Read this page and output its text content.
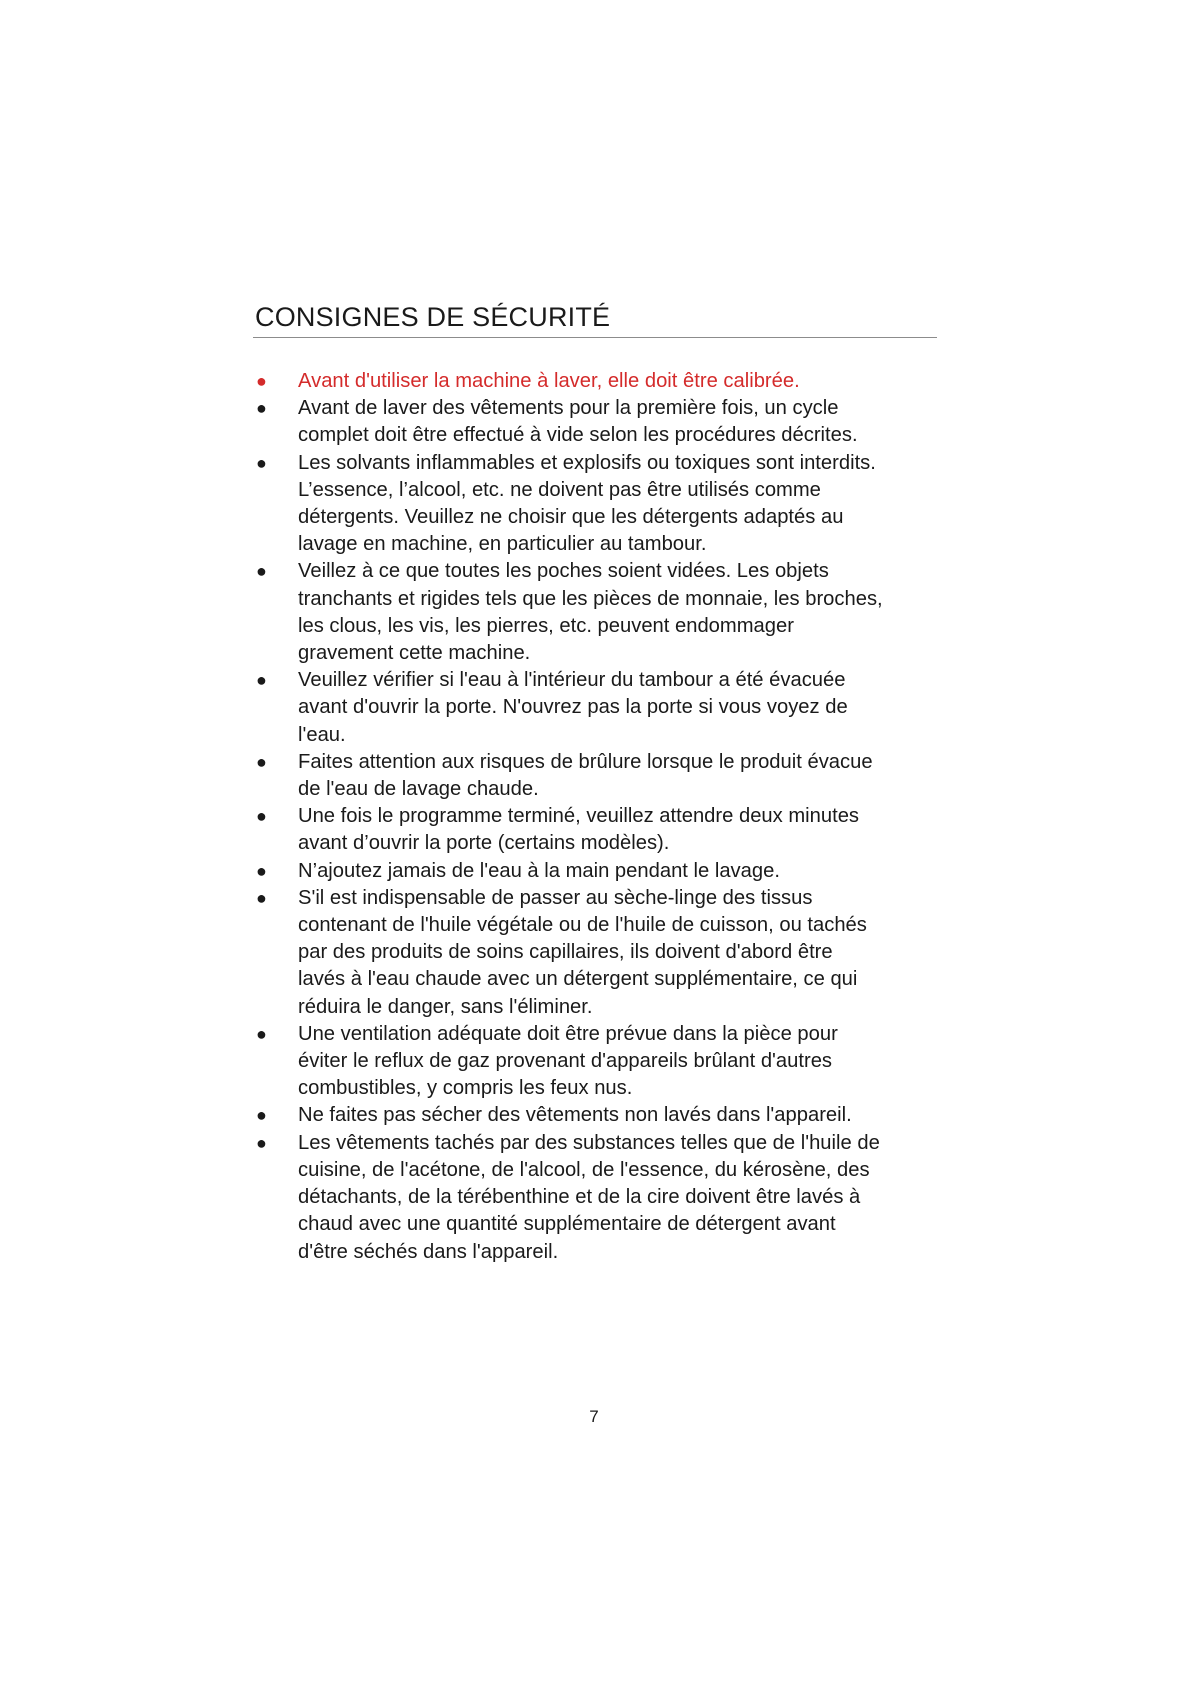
CONSIGNES DE SÉCURITÉ
● Avant d'utiliser la machine à laver, elle doit être calibrée.
● Avant de laver des vêtements pour la première fois, un cycle
complet doit être effectué à vide selon les procédures décrites.
● Les solvants inflammables et explosifs ou toxiques sont interdits.
L’essence, l’alcool, etc. ne doivent pas être utilisés comme
détergents. Veuillez ne choisir que les détergents adaptés au
lavage en machine, en particulier au tambour.
● Veillez à ce que toutes les poches soient vidées. Les objets
tranchants et rigides tels que les pièces de monnaie, les broches,
les clous, les vis, les pierres, etc. peuvent endommager
gravement cette machine.
● Veuillez vérifier si l'eau à l'intérieur du tambour a été évacuée
avant d'ouvrir la porte. N'ouvrez pas la porte si vous voyez de
l'eau.
● Faites attention aux risques de brûlure lorsque le produit évacue
de l'eau de lavage chaude.
● Une fois le programme terminé, veuillez attendre deux minutes
avant d’ouvrir la porte (certains modèles).
● N’ajoutez jamais de l'eau à la main pendant le lavage.
● S'il est indispensable de passer au sèche-linge des tissus
contenant de l'huile végétale ou de l'huile de cuisson, ou tachés
par des produits de soins capillaires, ils doivent d'abord être
lavés à l'eau chaude avec un détergent supplémentaire, ce qui
réduira le danger, sans l'éliminer.
● Une ventilation adéquate doit être prévue dans la pièce pour
éviter le reflux de gaz provenant d'appareils brûlant d'autres
combustibles, y compris les feux nus.
● Ne faites pas sécher des vêtements non lavés dans l'appareil.
● Les vêtements tachés par des substances telles que de l'huile de
cuisine, de l'acétone, de l'alcool, de l'essence, du kérosène, des
détachants, de la térébenthine et de la cire doivent être lavés à
chaud avec une quantité supplémentaire de détergent avant
d'être séchés dans l'appareil.
7
